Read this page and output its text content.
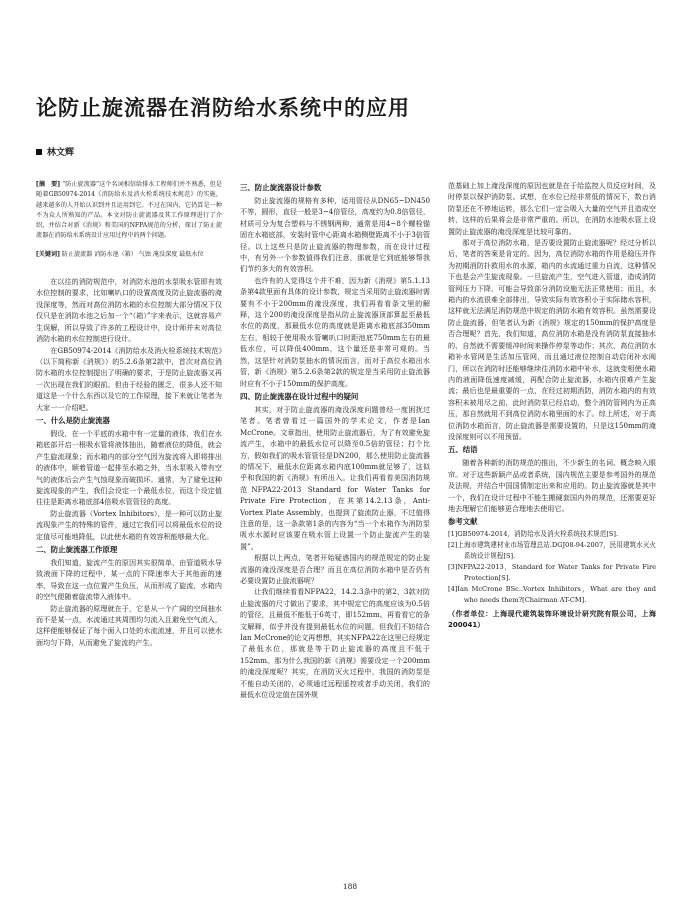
论防止旋流器在消防给水系统中的应用
林文辉

[摘　要] “防止旋流器”这个名词相信给排水工程师们并不熟悉，但是随着GB50974-2014《消防给水及消火栓系统技术规范》的实施，越来越多的人开始认识到并且运用到它。不过在国内，它仍算是一种不为众人所熟知的产品。本文对防止旋流器及其工作原理进行了介绍，并结合对新《消规》和美国的NFPA规范的分析，探讨了防止旋流器在消防给水系统设计应用过程中的两个问题。

[关键词] 防止旋流器 消防水池（箱） 气蚀 淹没深度 最低水位

在以往的消防规范中，对消防水池的水泵吸水管即有效水位控制的要求，比如喇叭口的设置高度及防止旋流器的淹没深度等，然而对高位消防水箱的水位控制大部分情况下仅仅只是在消防水池之后加一个“（箱）”字来表示，这就容易产生误解，所以导致了许多的工程设计中，设计师并未对高位消防水箱的水位控制进行设计。

在GB50974-2014《消防给水及消火栓系统技术规范》（以下简称新《消规》）的5.2.6条第2款中，首次对高位消防水箱的水位控制提出了明确的要求，于是防止旋流器又再一次出现在我们的眼前。但由于经验的匮乏，很多人还不知道这是一个什么东西以及它的工作原理，接下来就让笔者为大家一一介绍吧。

一、什么是防止旋流器

假设，在一个平底的水箱中有一定量的液体，我们在水箱底部开启一根吸水管将液体抽出，随着液位的降低，就会产生旋流现象；而水箱内的部分空气因为旋流将入即将排出的液体中，顺着管道一起排至水箱之外，当水泵吸入带有空气的液体后会产生气蚀现象而破损坏。通常，为了避免这种旋流现象的产生，我们会设定一个最低水位，而这个设定值往往是距离水箱底部4倍吸水管管径的高度。

防止旋流器（Vortex Inhibitors），是一种可以防止旋流现象产生的特殊的管件，通过它我们可以将最低水位的设定值尽可能地降低，以此使水箱的有效容积能够最大化。

二、防止旋流器工作原理

我们知道，旋流产生的原因其实很简单，由管道吸水导致液面下降的过程中，某一点的下降速率大于其他面的速率，导致在这一点位置产生负压，从而形成了旋流，水箱内的空气便随着旋流带入液体中。

防止旋流器的原理就在于，它是从一个广阔的空间抽水而不是某一点，水流通过其周围均匀流入且避免空气流入，这样便能够保证了每个面入口处的水流流速，并且可以使水面均匀下降，从而避免了旋流的产生。

三、防止旋流器设计参数

防止旋流器的规格有多种，适用管径从DN65~DN450不等，圆形，直径一般是3~4倍管径，高度约为0.8倍管径，材质可分为复合塑料与不锈钢两种，通常是用4~8个螺栓锚固在水箱底部，安装时管中心距离水箱侧壁距离不小于3倍管径。以上这些只是防止旋流器的物理参数，而在设计过程中，有另外一个参数值得我们注意，那就是它到底能够帮我们节约多大的有效容积。

也许有的人觉得这个并不难，因为新《消规》第5.1.13条第4款里面有具体的设计参数，规定当采用防止旋流器时需要有不小于200mm的淹没深度，我们再看看条文里的解释，这个200的淹没深度是指从防止旋流器顶部算起至最低水位的高度，那最低水位的高度就是距离水箱底部350mm左右，相较于使用吸水管喇叭口时距池底750mm左右的最低水位，可以降低400mm，这个量还是非常可观的。当然，这是针对消防泵抽水的情况而言，而对于高位水箱出水管，新《消规》第5.2.6条第2款的规定是当采用防止旋流器时应有不小于150mm的保护高度。

四、防止旋流器在设计过程中的疑问

其实，对于防止旋流器的淹没深度问题曾经一度困扰过笔者。笔者曾看过一篇国外的学术论文，作者是Ian McCrone。文章指出，使用防止旋流器后，为了有效避免旋流产生，水箱中的最低水位可以降至0.5倍的管径；打个比方，假如我们的吸水管管径是DN200，那么使用防止旋流器的情况下，最低水位距离水箱内底100mm就足够了，这似乎和我国的新《消规》有所出入。让我们再看看美国消防规范NFPA22-2013 Standard for Water Tanks for Private Fire Protection，在其第14.2.13条，Anti-Vortex Plate Assembly，也提到了旋流防止器，不过值得注意的是，这一条款第1条的内容为“当一个水箱作为消防泵吸水水源时应该要在吸水管上设置一个防止旋流产生的装置”。

根据以上两点，笔者开始疑惑国内的规范规定的防止旋流器的淹没深度是否合理？而且在高位消防水箱中是否仍有必要设置防止旋流器呢？

让我们继续看看NFPA22，14.2.3条中的第2、3款对防止旋流器的尺寸做出了要求，其中规定它的高度应该为0.5倍的管径，且最低不能低于6英寸，即152mm。再看看它的条文解释，似乎并没有提到最低水位的问题，但我们不妨结合Ian McCrone的论文再想想，其实NFPA22在这里已经规定了最低水位，那就是等于防止旋流器的高度且不低于152mm。那为什么我国的新《消规》需要设定一个200mm的淹没深度呢？其实，在消防灭火过程中，我国的消防泵是不能自动关闭的，必须通过远程遥控或者手动关闭，我们的最低水位设定值在国外规

范基础上加上淹没深度的原因也就是在于给监控人员反应时间，及时停泵以保护消防泵。试想，在水位已经非常低的情况下，数台消防泵还在不停地运转，那么它们一定会吸入大量的空气并且造成空转，这样的后果将会是非常严重的。所以，在消防水池吸水管上设置防止旋流器的淹没深度是比较可靠的。

那对于高位消防水箱，是否要设置防止旋流器呢？经过分析以后，笔者的答案是肯定的。因为，高位消防水箱的作用是稳压并作为初期消防扑救用水的水源，箱内的水流通过重力自流，这种情况下也是会产生旋流现象。一旦旋流产生，空气进入管道，造成消防管网压力下降，可能会导致部分消防设施无法正常使用；而且，水箱内的水流很难全部排出，导致实际有效容积小于实际储水容积，这样就无法满足消防规范中规定的消防水箱有效容积。虽然需要设防止旋流器，但笔者认为新《消规》规定的150mm的保护高度是否合理呢？首先，我们知道，高位消防水箱是没有消防泵直接抽水的，自然就不需要缓冲时间来操作停泵等动作；其次，高位消防水箱补水管网是生活加压管网，而且通过液位控制自动启闭补水阀门，所以在消防时还能够继续往消防水箱中补水，这就变相使水箱内的液面降低速度减缓，再配合防止旋流器，水箱内很难产生旋流；最后也是最重要的一点，在经过初期消防，消防水箱内的有效容积未被用尽之前，此时消防泵已经启动，整个消防管网内为正高压，那自然就用不到高位消防水箱里面的水了。综上所述，对于高位消防水箱而言，防止旋流器是需要设置的，只是这150mm的淹没深度则可以不用预留。

五、结语

随着各种新的消防规范的推出，不少新生的名词、概念映入眼帘。对于这些新颖产品或者系统，国内规范主要是参考国外的规范及法规，并结合中国国情制定出来和应用的。防止旋流器就是其中一个，我们在设计过程中不能生搬硬套国内外的规范，还需要更好地去理解它们能够更合理地去使用它。

参考文献

[1]GB50974-2014，消防给水及消火栓系统技术规范[S].

[2]上海市建筑建材业市场管理总站.DGJ08-94-2007，民用建筑水灭火系统设计规程[S].

[3]NFPA22-2013，Standard for Water Tanks for Private Fire Protection[S].

[4]Ian McCrone BSc..Vortex Inhibitors，What are they and who needs them?[Chairman AT-CM].

（作者单位：上海现代建筑装饰环境设计研究院有限公司，上海 200041）

188
